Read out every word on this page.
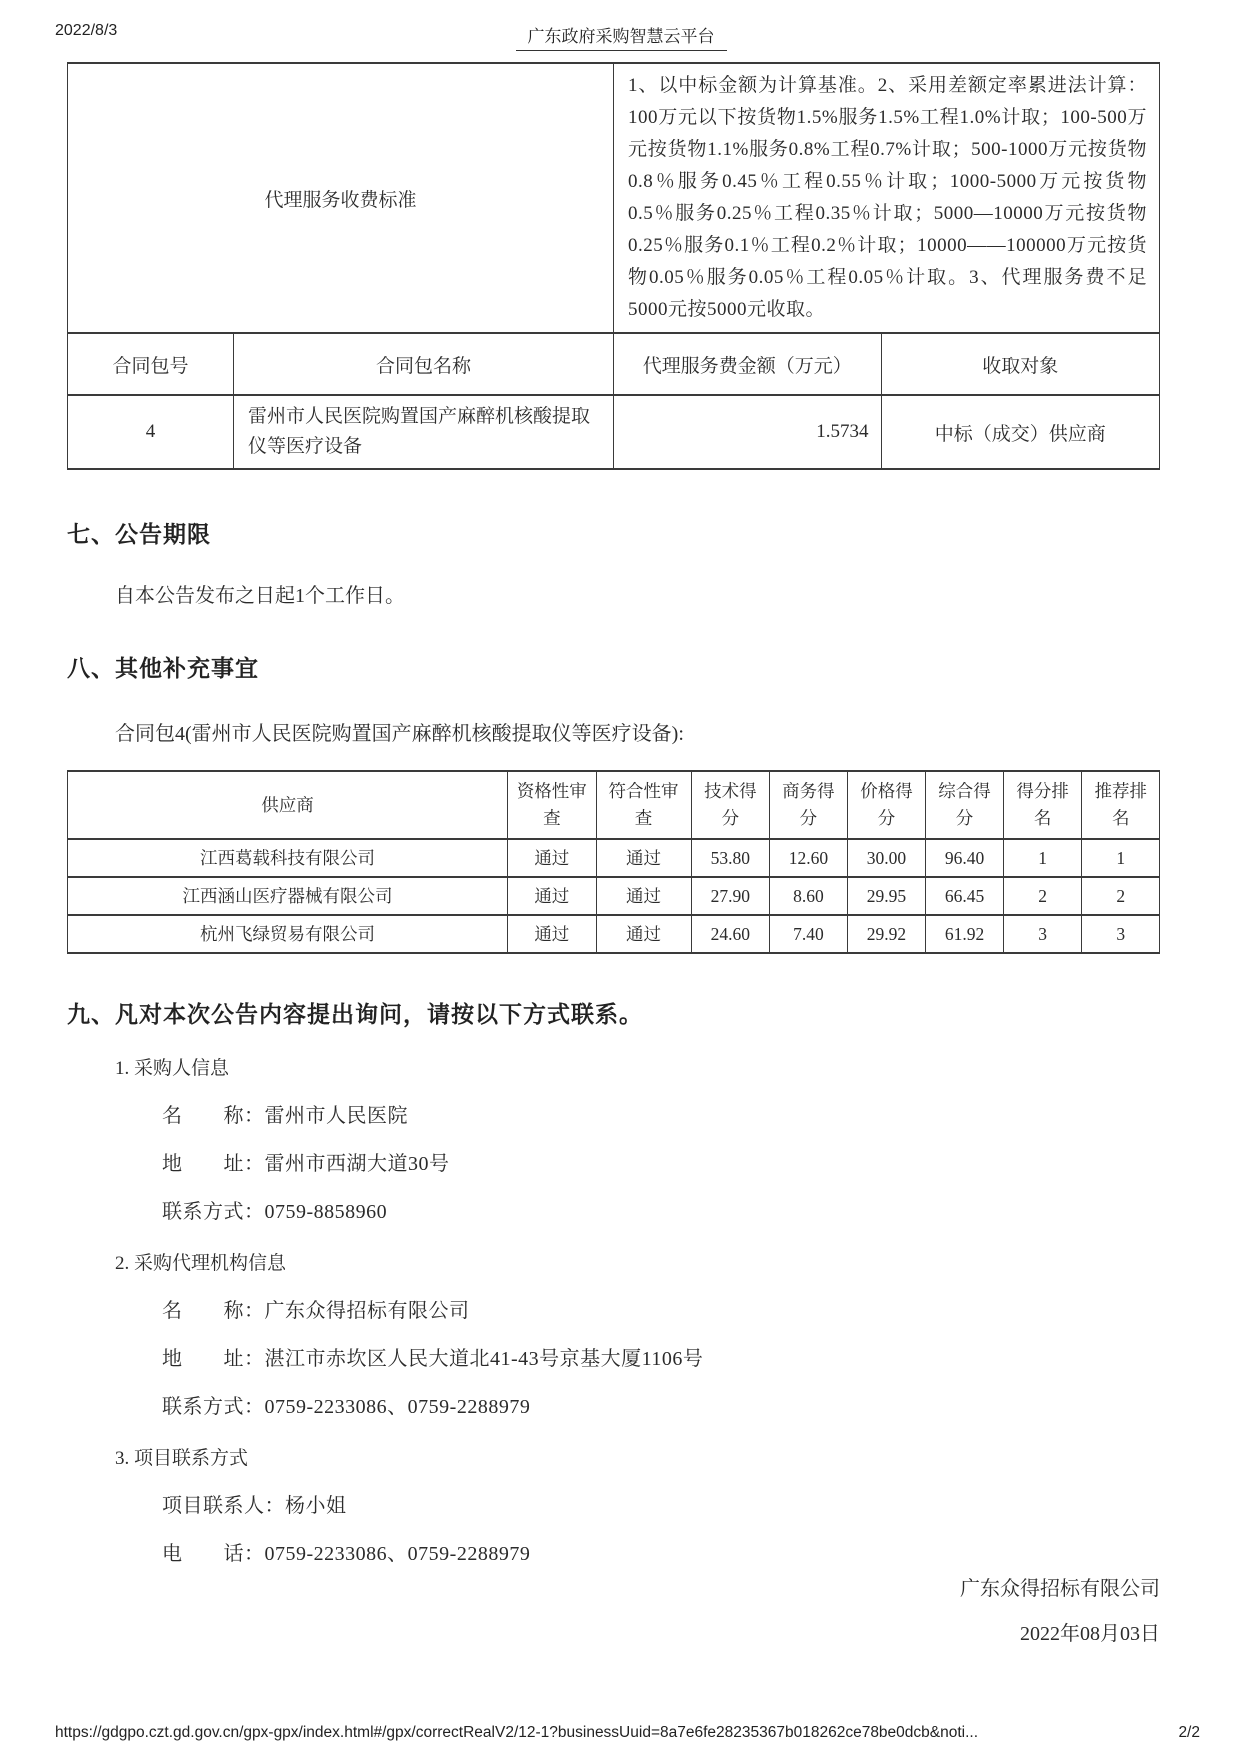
2022/8/3	广东政府采购智慧云平台
代理服务收费标准		1、以中标金额为计算基准。2、采用差额定率累进法计算：100万元以下按货物1.5%服务1.5%工程1.0%计取；100-500万元按货物1.1%服务0.8%工程0.7%计取；500-1000万元按货物0.8％服务0.45％工程0.55％计取；1000-5000万元按货物0.5％服务0.25％工程0.35％计取；5000—10000万元按货物0.25％服务0.1％工程0.2％计取；10000——100000万元按货物0.05％服务0.05％工程0.05％计取。3、代理服务费不足5000元按5000元收取。	
合同包号	合同包名称	代理服务费金额（万元）	收取对象
4	雷州市人民医院购置国产麻醉机核酸提取仪等医疗设备	1.5734	中标（成交）供应商
七、公告期限
自本公告发布之日起1个工作日。
八、其他补充事宜
合同包4(雷州市人民医院购置国产麻醉机核酸提取仪等医疗设备):
供应商	资格性审查	符合性审查	技术得分	商务得分	价格得分	综合得分	得分排名	推荐排名
江西葛载科技有限公司	通过	通过	53.80	12.60	30.00	96.40	1	1
江西涵山医疗器械有限公司	通过	通过	27.90	8.60	29.95	66.45	2	2
杭州飞绿贸易有限公司	通过	通过	24.60	7.40	29.92	61.92	3	3
九、凡对本次公告内容提出询问，请按以下方式联系。
1. 采购人信息
名　　称：雷州市人民医院
地　　址：雷州市西湖大道30号
联系方式：0759-8858960
2. 采购代理机构信息
名　　称：广东众得招标有限公司
地　　址：湛江市赤坎区人民大道北41-43号京基大厦1106号
联系方式：0759-2233086、0759-2288979
3. 项目联系方式
项目联系人：杨小姐
电　　话：0759-2233086、0759-2288979
广东众得招标有限公司
2022年08月03日
https://gdgpo.czt.gd.gov.cn/gpx-gpx/index.html#/gpx/correctRealV2/12-1?businessUuid=8a7e6fe28235367b018262ce78be0dcb&noti...	2/2
